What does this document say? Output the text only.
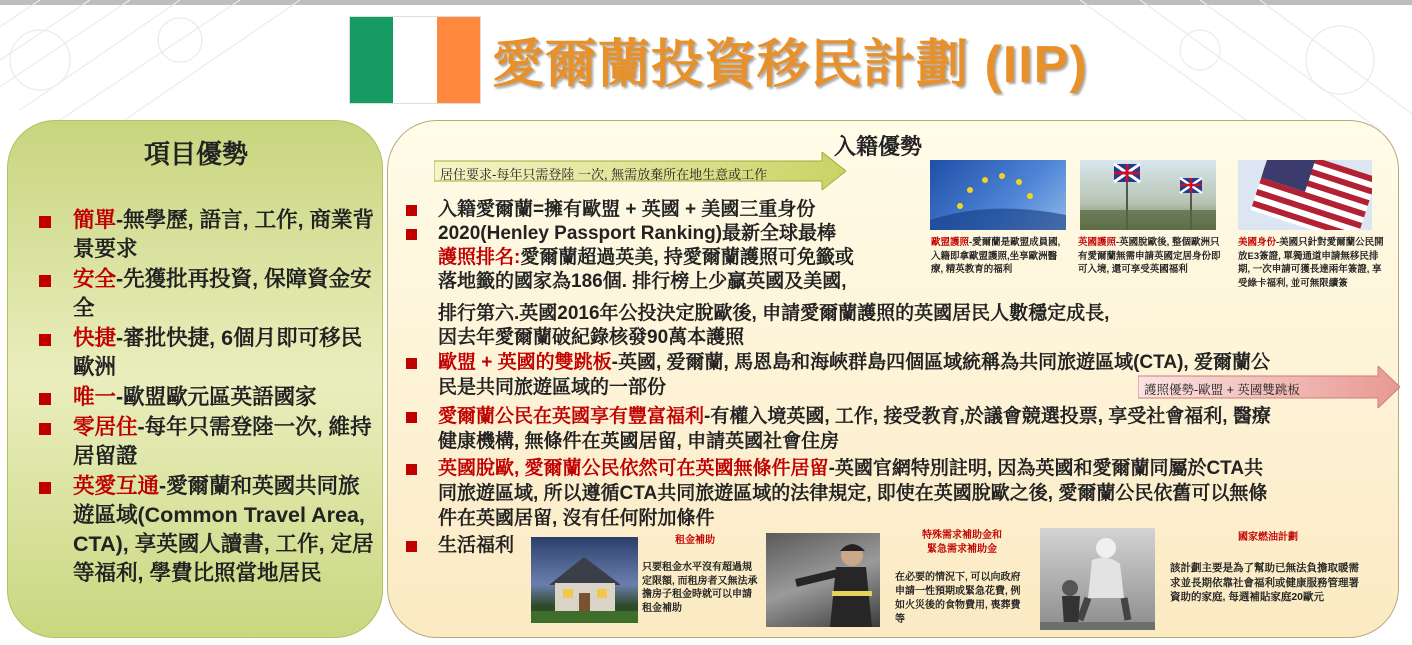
愛爾蘭投資移民計劃 (IIP)
項目優勢
簡單-無學歷, 語言, 工作, 商業背景要求
安全-先獲批再投資, 保障資金安全
快捷-審批快捷, 6個月即可移民歐洲
唯一-歐盟歐元區英語國家
零居住-每年只需登陸一次, 維持居留證
英愛互通-愛爾蘭和英國共同旅遊區域(Common Travel Area, CTA), 享英國人讀書, 工作, 定居等福利, 學費比照當地居民
入籍優勢
居住要求-每年只需登陸 一次, 無需放棄所在地生意或工作
護照優勢-歐盟 + 英國雙跳板
歐盟護照-愛爾蘭是歐盟成員國, 入籍即拿歐盟護照,坐享歐洲醫療, 精英教育的福利
英國護照-英國脫歐後, 整個歐洲只有愛爾蘭無需申請英國定居身份即可入境, 還可享受英國福利
美國身份-美國只針對愛爾蘭公民開放E3簽證, 單獨通道申請無移民排期, 一次申請可獲長達兩年簽證, 享受綠卡福利, 並可無限續簽
入籍愛爾蘭=擁有歐盟 + 英國 + 美國三重身份
2020(Henley Passport Ranking)最新全球最棒
護照排名:愛爾蘭超過英美, 持愛爾蘭護照可免籤或
落地籤的國家為186個. 排行榜上少贏英國及美國,
排行第六.英國2016年公投決定脫歐後, 申請愛爾蘭護照的英國居民人數穩定成長,
因去年愛爾蘭破紀錄核發90萬本護照
歐盟 + 英國的雙跳板-英國, 爱爾蘭, 馬恩島和海峽群島四個區域統稱為共同旅遊區域(CTA), 爱爾蘭公
民是共同旅遊區域的一部份
愛爾蘭公民在英國享有豐富福利-有權入境英國, 工作, 接受教育,於議會競選投票, 享受社會福利, 醫療
健康機構, 無條件在英國居留, 申請英國社會住房
英國脫歐, 愛爾蘭公民依然可在英國無條件居留-英國官網特別註明, 因為英國和愛爾蘭同屬於CTA共
同旅遊區域, 所以遵循CTA共同旅遊區域的法律規定, 即使在英國脫歐之後, 愛爾蘭公民依舊可以無條
件在英國居留, 沒有任何附加條件
生活福利	租金補助
只要租金水平沒有超過規定限額, 而租房者又無法承擔房子租金時就可以申請租金補助
特殊需求補助金和
緊急需求補助金
在必要的情況下, 可以向政府申請一性預期或緊急花費, 例如火災後的食物費用, 喪葬費等
國家燃油計劃
該計劃主要是為了幫助已無法負擔取暖需求並長期依靠社會福利或健康服務管理署資助的家庭, 每週補貼家庭20歐元
